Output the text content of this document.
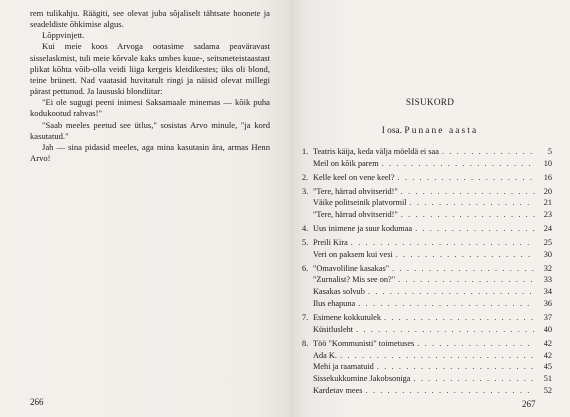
rem tulikahju. Räägiti, see olevat juba sõjaliselt tähtsate hoonete ja seadeldiste õhkimise algus.

Lõppvinjett.

Kui meie koos Arvoga ootasime sadama peaväravast sisselaskmist, tuli meie kõrvale kaks umbes kuue-, seitsmeteistaastast plikat kõhta võib-olla veidi liiga kergeis kleidikestes; üks oli blond, teine brünett. Nad vaatasid huvitatult ringi ja näisid olevat millegi pärast pettunud. Ja laususki blondiitar:

"Ei ole sugugi peeni inimesi Saksamaale minemas — kõik puha kodukootud rahvas!"

"Saab meeles peetud see ütlus," sosistas Arvo minule, "ja kord kasutatud."

Jah — sina pidasid meeles, aga mina kasutasin ära, armas Henn Arvo!

266
SISUKORD
I osa. Punane aasta
1. Teatris käija, keda välja möeldä ei saa . . .	5
Meil on kõik parem . . .	10
2. Kelle keel on vene keel? . . .	16
3. "Tere, härrad ohvitserid!" . . .	20
Väike politseinik platvormil . . .	21
"Tere, härrad ohvitserid!" . . .	23
4. Uus inimene ja suur kodumaa . . .	24
5. Preili Kira . . .	25
Veri on paksem kui vesi . . .	30
6. "Omavoliline kasakas" . . .	32
"Zurnalist? Mis see on?" . . .	33
Kasakas solvub . . .	34
Ilus ehapuna . . .	36
7. Esimene kokkutulek . . .	37
Küsitlusleht . . .	40
8. Töö "Kommunisti" toimetuses . . .	42
Ada K. . . .	42
Mehi ja raamatuid . . .	45
Sissekukkumine Jakobsoniga . . .	51
Kardetav mees . . .	52
267
